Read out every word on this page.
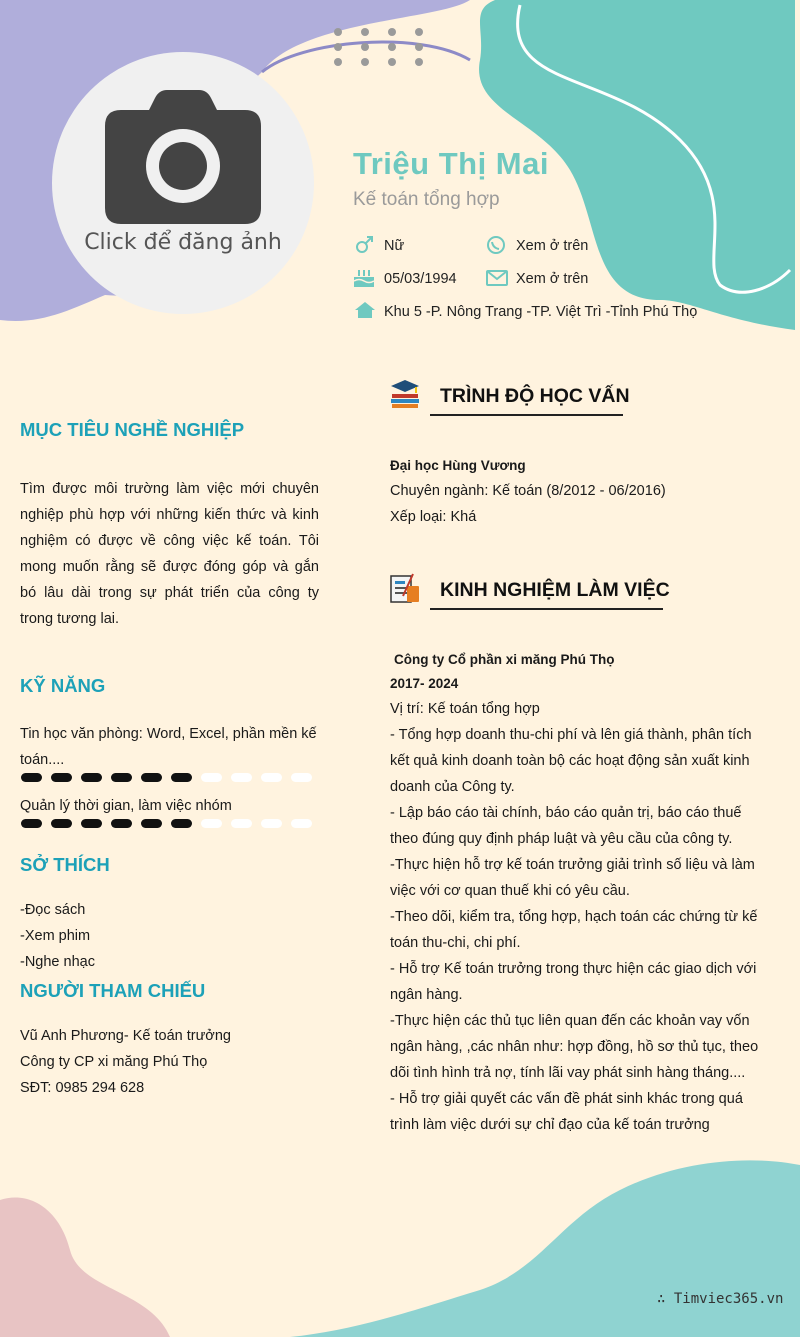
Click để đăng ảnh
Triệu Thị Mai
Kế toán tổng hợp
Nữ	Xem ở trên
05/03/1994	Xem ở trên
Khu 5 -P. Nông Trang -TP. Việt Trì -Tỉnh Phú Thọ
MỤC TIÊU NGHỀ NGHIỆP
Tìm được môi trường làm việc mới chuyên nghiệp phù hợp với những kiến thức và kinh nghiệm có được về công việc kế toán. Tôi mong muốn rằng sẽ được đóng góp và gắn bó lâu dài trong sự phát triển của công ty trong tương lai.
KỸ NĂNG
Tin học văn phòng: Word, Excel, phần mền kế toán....
Quản lý thời gian, làm việc nhóm
SỞ THÍCH
-Đọc sách
-Xem phim
-Nghe nhạc
NGƯỜI THAM CHIẾU
Vũ Anh Phương- Kế toán trưởng
Công ty CP xi măng Phú Thọ
SĐT: 0985 294 628
TRÌNH ĐỘ HỌC VẤN
Đại học Hùng Vương
Chuyên ngành: Kế toán (8/2012 - 06/2016)
Xếp loại: Khá
KINH NGHIỆM LÀM VIỆC
Công ty Cổ phần xi măng Phú Thọ
2017- 2024
Vị trí: Kế toán tổng hợp
- Tổng hợp doanh thu-chi phí và lên giá thành, phân tích kết quả kinh doanh toàn bộ các hoạt động sản xuất kinh doanh của Công ty.
- Lập báo cáo tài chính, báo cáo quản trị, báo cáo thuế theo đúng quy định pháp luật và yêu cầu của công ty.
-Thực hiện hỗ trợ kế toán trưởng giải trình số liệu và làm việc với cơ quan thuế khi có yêu cầu.
-Theo dõi, kiểm tra, tổng hợp, hạch toán các chứng từ kế toán thu-chi, chi phí.
- Hỗ trợ Kế toán trưởng trong thực hiện các giao dịch với ngân hàng.
-Thực hiện các thủ tục liên quan đến các khoản vay vốn ngân hàng, ,các nhân như: hợp đồng, hồ sơ thủ tục, theo dõi tình hình trả nợ, tính lãi vay phát sinh hàng tháng....
- Hỗ trợ giải quyết các vấn đề phát sinh khác trong quá trình làm việc dưới sự chỉ đạo của kế toán trưởng
∴ Timviec365.vn
